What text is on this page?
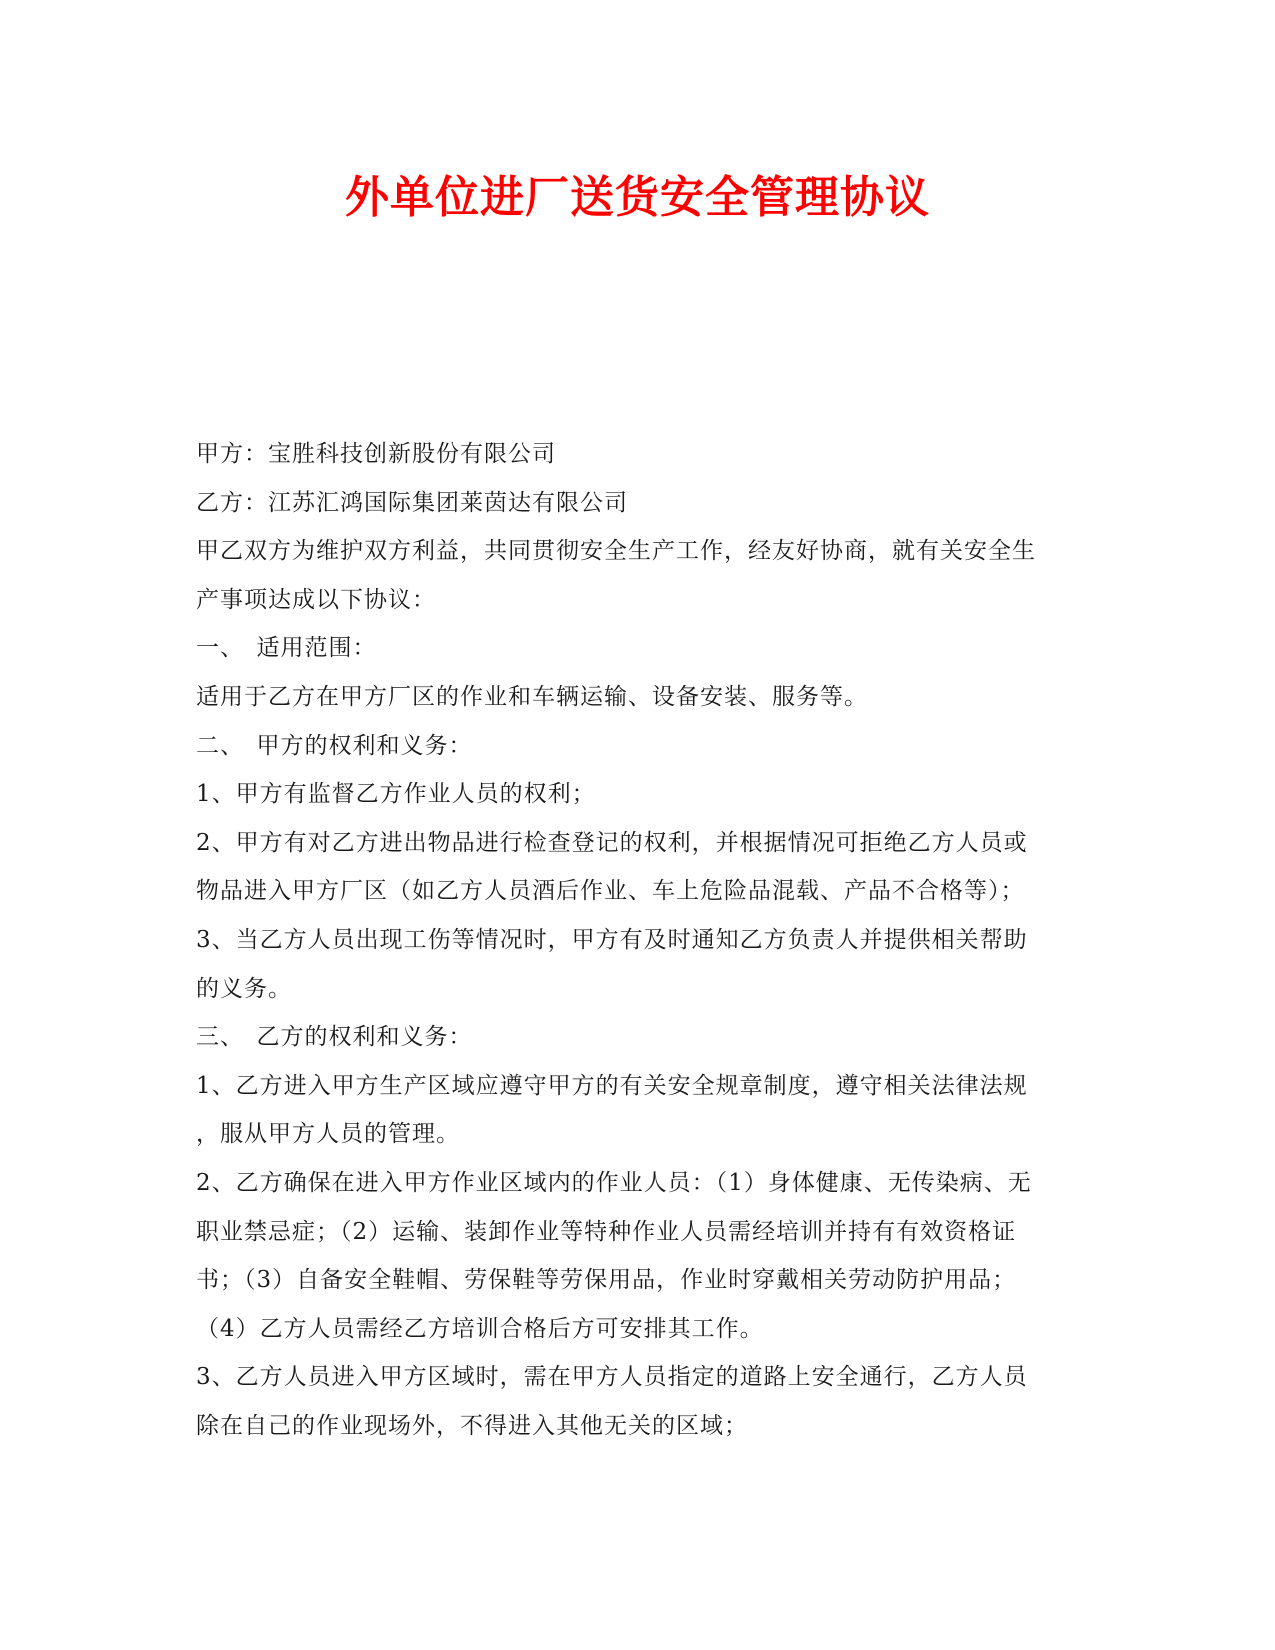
外单位进厂送货安全管理协议
甲方：宝胜科技创新股份有限公司
乙方：江苏汇鸿国际集团莱茵达有限公司
甲乙双方为维护双方利益，共同贯彻安全生产工作，经友好协商，就有关安全生
产事项达成以下协议：
一、　适用范围：
适用于乙方在甲方厂区的作业和车辆运输、设备安装、服务等。
二、　甲方的权利和义务：
1、甲方有监督乙方作业人员的权利；
2、甲方有对乙方进出物品进行检查登记的权利，并根据情况可拒绝乙方人员或
物品进入甲方厂区（如乙方人员酒后作业、车上危险品混载、产品不合格等）；
3、当乙方人员出现工伤等情况时，甲方有及时通知乙方负责人并提供相关帮助
的义务。
三、　乙方的权利和义务：
1、乙方进入甲方生产区域应遵守甲方的有关安全规章制度，遵守相关法律法规
，服从甲方人员的管理。
2、乙方确保在进入甲方作业区域内的作业人员：（1）身体健康、无传染病、无
职业禁忌症；（2）运输、装卸作业等特种作业人员需经培训并持有有效资格证
书；（3）自备安全鞋帽、劳保鞋等劳保用品，作业时穿戴相关劳动防护用品；
（4）乙方人员需经乙方培训合格后方可安排其工作。
3、乙方人员进入甲方区域时，需在甲方人员指定的道路上安全通行，乙方人员
除在自己的作业现场外，不得进入其他无关的区域；
